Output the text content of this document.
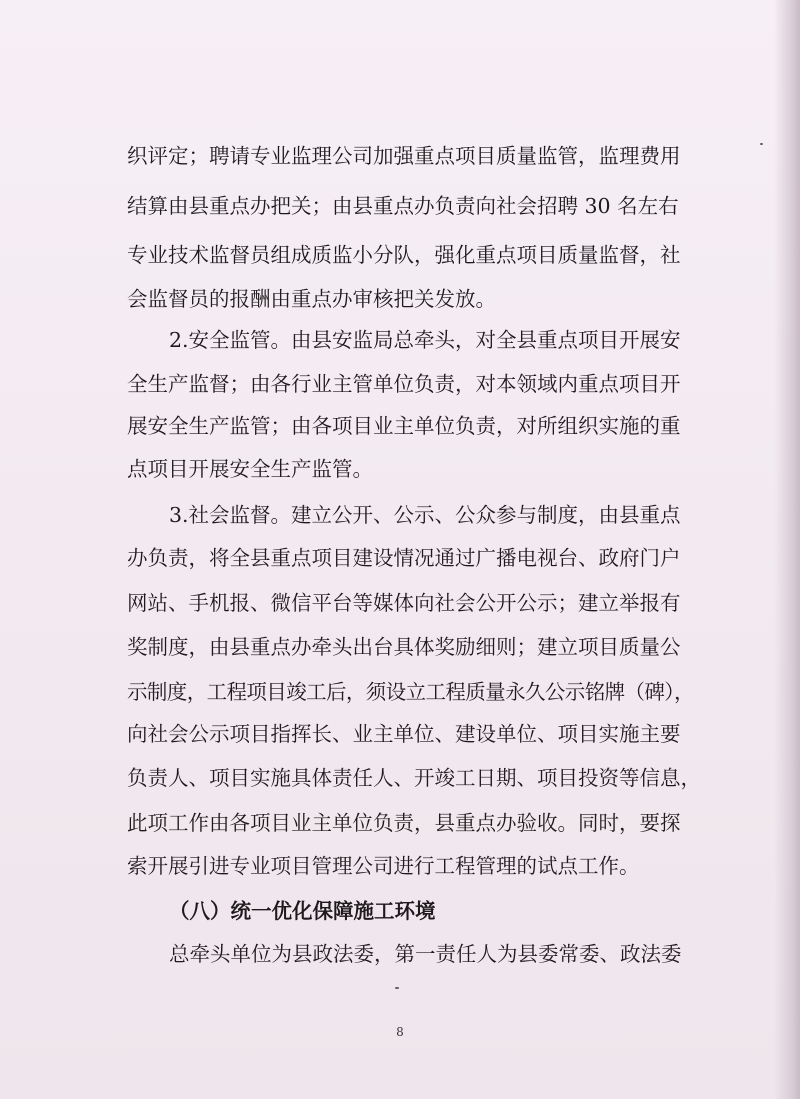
织评定；聘请专业监理公司加强重点项目质量监管，监理费用
结算由县重点办把关；由县重点办负责向社会招聘 30 名左右
专业技术监督员组成质监小分队，强化重点项目质量监督，社
会监督员的报酬由重点办审核把关发放。
2.安全监管。由县安监局总牵头，对全县重点项目开展安
全生产监督；由各行业主管单位负责，对本领域内重点项目开
展安全生产监管；由各项目业主单位负责，对所组织实施的重
点项目开展安全生产监管。
3.社会监督。建立公开、公示、公众参与制度，由县重点
办负责，将全县重点项目建设情况通过广播电视台、政府门户
网站、手机报、微信平台等媒体向社会公开公示；建立举报有
奖制度，由县重点办牵头出台具体奖励细则；建立项目质量公
示制度，工程项目竣工后，须设立工程质量永久公示铭牌（碑），
向社会公示项目指挥长、业主单位、建设单位、项目实施主要
负责人、项目实施具体责任人、开竣工日期、项目投资等信息，
此项工作由各项目业主单位负责，县重点办验收。同时，要探
索开展引进专业项目管理公司进行工程管理的试点工作。
（八）统一优化保障施工环境
总牵头单位为县政法委，第一责任人为县委常委、政法委
8
